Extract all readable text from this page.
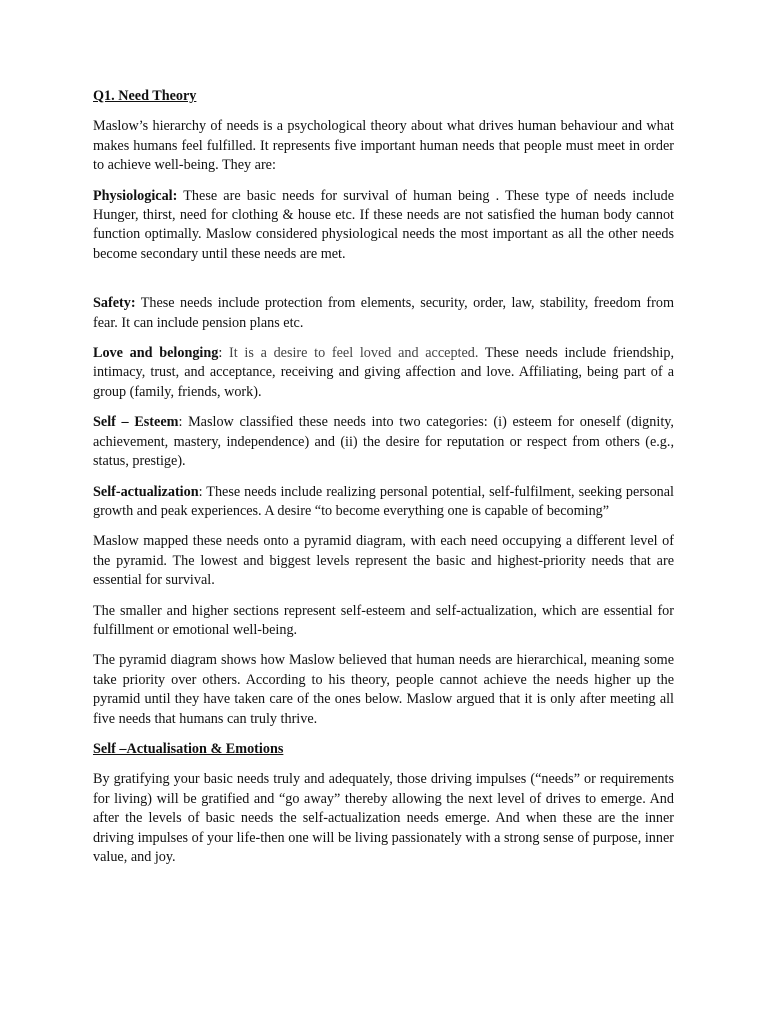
Q1. Need Theory

Maslow’s hierarchy of needs is a psychological theory about what drives human behaviour and what makes humans feel fulfilled. It represents five important human needs that people must meet in order to achieve well-being. They are:

Physiological: These are basic needs for survival of human being . These type of needs include Hunger, thirst, need for clothing & house etc. If these needs are not satisfied the human body cannot function optimally. Maslow considered physiological needs the most important as all the other needs become secondary until these needs are met.

Safety: These needs include protection from elements, security, order, law, stability, freedom from fear. It can include pension plans etc.

Love and belonging: It is a desire to feel loved and accepted. These needs include friendship, intimacy, trust, and acceptance, receiving and giving affection and love. Affiliating, being part of a group (family, friends, work).

Self – Esteem: Maslow classified these needs into two categories: (i) esteem for oneself (dignity, achievement, mastery, independence) and (ii) the desire for reputation or respect from others (e.g., status, prestige).

Self-actualization: These needs include realizing personal potential, self-fulfilment, seeking personal growth and peak experiences. A desire “to become everything one is capable of becoming”

Maslow mapped these needs onto a pyramid diagram, with each need occupying a different level of the pyramid. The lowest and biggest levels represent the basic and highest-priority needs that are essential for survival.

The smaller and higher sections represent self-esteem and self-actualization, which are essential for fulfillment or emotional well-being.

The pyramid diagram shows how Maslow believed that human needs are hierarchical, meaning some take priority over others. According to his theory, people cannot achieve the needs higher up the pyramid until they have taken care of the ones below. Maslow argued that it is only after meeting all five needs that humans can truly thrive.

Self –Actualisation & Emotions

By gratifying your basic needs truly and adequately, those driving impulses (“needs” or requirements for living) will be gratified and “go away” thereby allowing the next level of drives to emerge. And after the levels of basic needs the self-actualization needs emerge. And when these are the inner driving impulses of your life-then one will be living passionately with a strong sense of purpose, inner value, and joy.
